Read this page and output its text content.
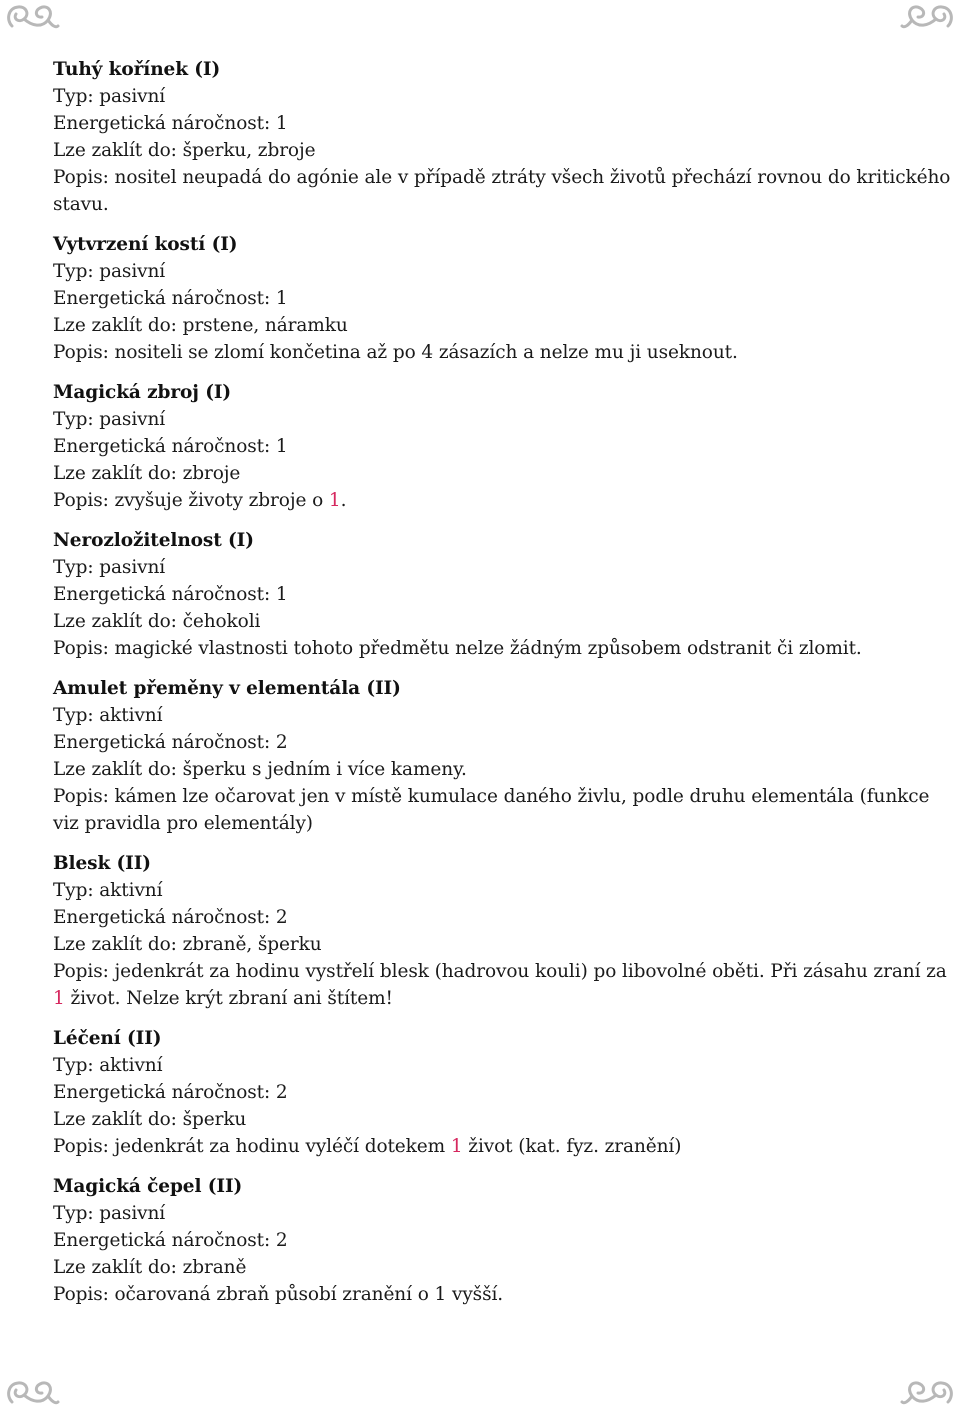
Tuhý kořínek (I)
Typ: pasivní
Energetická náročnost: 1
Lze zaklít do: šperku, zbroje
Popis: nositel neupadá do agónie ale v případě ztráty všech životů přechází rovnou do kritického stavu.
Vytvrzení kostí (I)
Typ: pasivní
Energetická náročnost: 1
Lze zaklít do: prstene, náramku
Popis: nositeli se zlomí končetina až po 4 zásazích a nelze mu ji useknout.
Magická zbroj (I)
Typ: pasivní
Energetická náročnost: 1
Lze zaklít do: zbroje
Popis: zvyšuje životy zbroje o 1.
Nerozložitelnost (I)
Typ: pasivní
Energetická náročnost: 1
Lze zaklít do: čehokoli
Popis: magické vlastnosti tohoto předmětu nelze žádným způsobem odstranit či zlomit.
Amulet přeměny v elementála (II)
Typ: aktivní
Energetická náročnost: 2
Lze zaklít do: šperku s jedním i více kameny.
Popis: kámen lze očarovat jen v místě kumulace daného živlu, podle druhu elementála (funkce viz pravidla pro elementály)
Blesk (II)
Typ: aktivní
Energetická náročnost: 2
Lze zaklít do: zbraně, šperku
Popis: jedenkrát za hodinu vystřelí blesk (hadrovou kouli) po libovolné oběti. Při zásahu zraní za 1 život. Nelze krýt zbraní ani štítem!
Léčení (II)
Typ: aktivní
Energetická náročnost: 2
Lze zaklít do: šperku
Popis: jedenkrát za hodinu vyléčí dotekem 1 život (kat. fyz. zranění)
Magická čepel (II)
Typ: pasivní
Energetická náročnost: 2
Lze zaklít do: zbraně
Popis: očarovaná zbraň působí zranění o 1 vyšší.
